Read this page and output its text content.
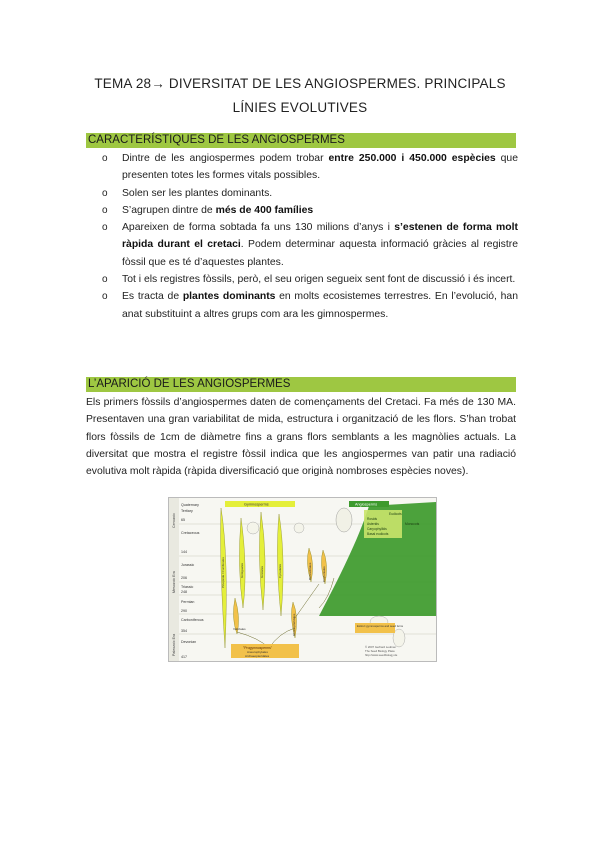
TEMA 28→ DIVERSITAT DE LES ANGIOSPERMES. PRINCIPALS
LÍNIES EVOLUTIVES
CARACTERÍSTIQUES DE LES ANGIOSPERMES
o Dintre de les angiospermes podem trobar entre 250.000 i 450.000 espècies que presenten totes les formes vitals possibles.
o Solen ser les plantes dominants.
o S’agrupen dintre de més de 400 famílies
o Apareixen de forma sobtada fa uns 130 milions d’anys i s’estenen de forma molt ràpida durant el cretaci. Podem determinar aquesta informació gràcies al registre fòssil que es té d’aquestes plantes.
o Tot i els registres fòssils, però, el seu origen segueix sent font de discussió i és incert.
o Es tracta de plantes dominants en molts ecosistemes terrestres. En l’evolució, han anat substituint a altres grups com ara les gimnospermes.
L’APARICIÓ DE LES ANGIOSPERMES

Els primers fòssils d’angiospermes daten de començaments del Cretaci. Fa més de 130 MA. Presentaven una gran variabilitat de mida, estructura i organització de les flors. S’han trobat flors fòssils de 1cm de diàmetre fins a grans flors semblants a les magnòlies actuals. La diversitat que mostra el registre fòssil indica que les angiospermes van patir una radiació evolutiva molt ràpida (ràpida diversificació que originà nombroses espècies noves).

Cenozoic
Mesozoic Era
Paleozoic Era
Quaternary
Tertiary
65
Cretaceous
144
Jurassic
206
Triassic
248
Permian
290
Carboniferous
354
Devonian
417
Gymnosperms	Angiosperms
Eudicots
Rosids
Asterids
Caryophyllids
Basal eudicots
Monocots
Pinopsida / Coniferales
Voltziales
Ginkgoales	Gnetales	Cycadales	Bennettitales	Caytoniales
Glossopteridales
"Progymnosperms"
Aneurophytales
Archaeopteridales
Extinct gymnosperms and seed ferns
© 2007 Gerhard Leubner
The Seed Biology Place
http://www.seedbiology.de
